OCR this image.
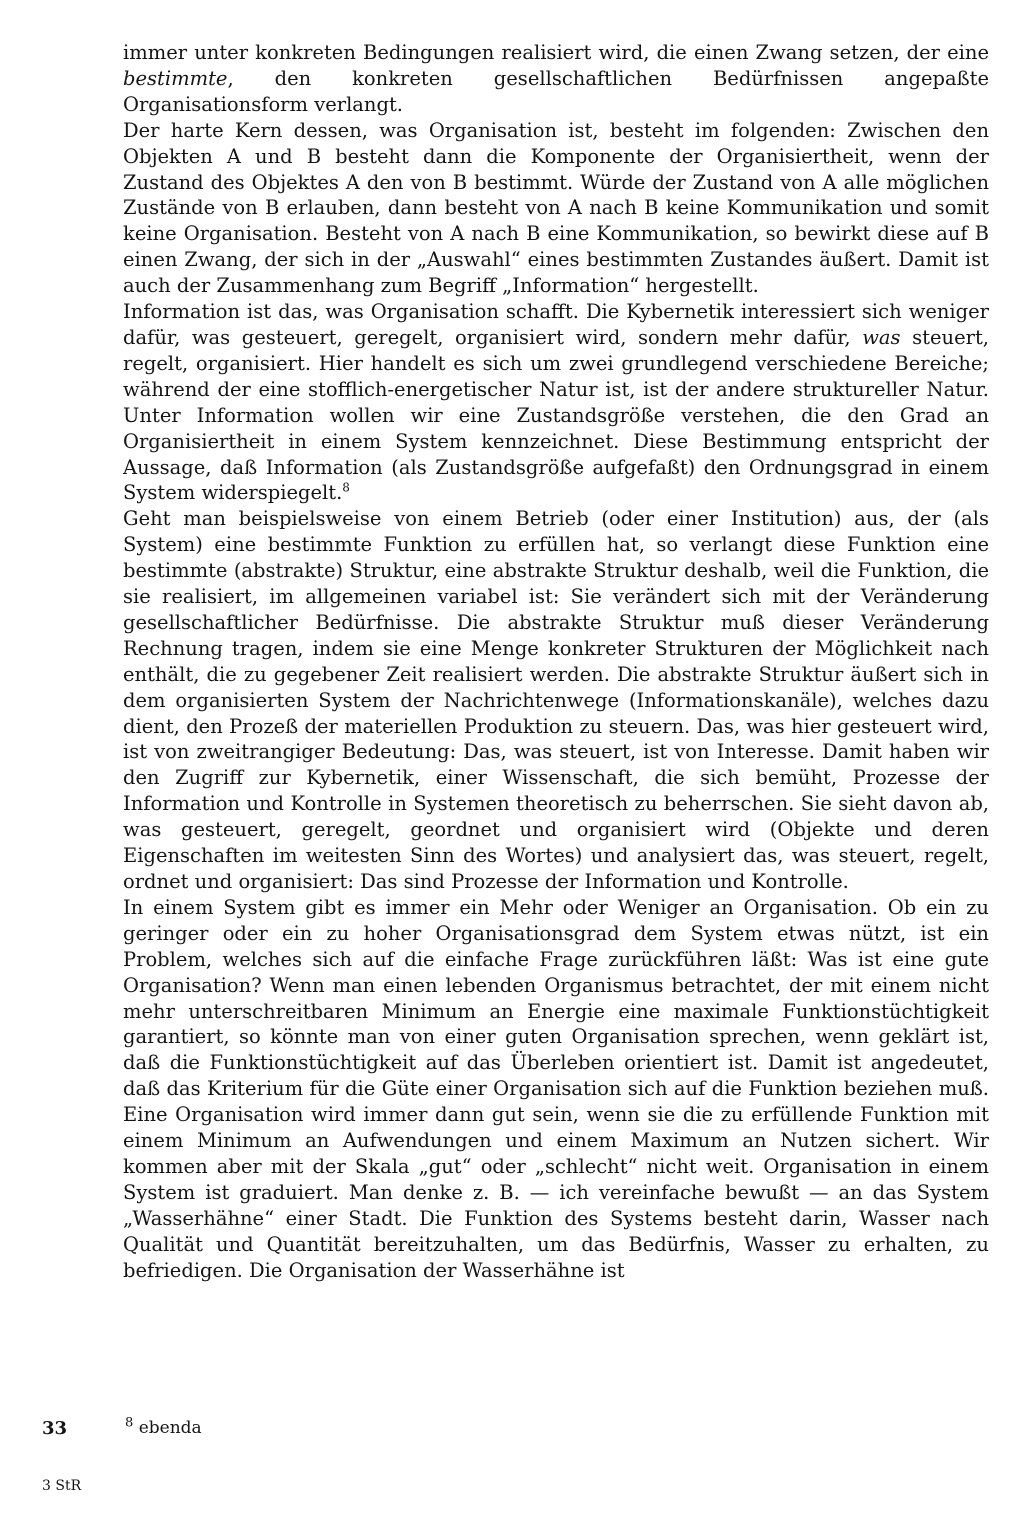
immer unter konkreten Bedingungen realisiert wird, die einen Zwang setzen, der eine bestimmte, den konkreten gesellschaftlichen Bedürfnissen angepaßte Organisationsform verlangt.

Der harte Kern dessen, was Organisation ist, besteht im folgenden: Zwischen den Objekten A und B besteht dann die Komponente der Organisiertheit, wenn der Zustand des Objektes A den von B bestimmt. Würde der Zustand von A alle möglichen Zustände von B erlauben, dann besteht von A nach B keine Kommunikation und somit keine Organisation. Besteht von A nach B eine Kommunikation, so bewirkt diese auf B einen Zwang, der sich in der „Auswahl“ eines bestimmten Zustandes äußert. Damit ist auch der Zusammenhang zum Begriff „Information“ hergestellt.

Information ist das, was Organisation schafft. Die Kybernetik interessiert sich weniger dafür, was gesteuert, geregelt, organisiert wird, sondern mehr dafür, was steuert, regelt, organisiert. Hier handelt es sich um zwei grundlegend verschiedene Bereiche; während der eine stofflich-energetischer Natur ist, ist der andere struktureller Natur. Unter Information wollen wir eine Zustandsgröße verstehen, die den Grad an Organisiertheit in einem System kennzeichnet. Diese Bestimmung entspricht der Aussage, daß Information (als Zustandsgröße aufgefaßt) den Ordnungsgrad in einem System widerspiegelt.$^8$

Geht man beispielsweise von einem Betrieb (oder einer Institution) aus, der (als System) eine bestimmte Funktion zu erfüllen hat, so verlangt diese Funktion eine bestimmte (abstrakte) Struktur, eine abstrakte Struktur deshalb, weil die Funktion, die sie realisiert, im allgemeinen variabel ist: Sie verändert sich mit der Veränderung gesellschaftlicher Bedürfnisse. Die abstrakte Struktur muß dieser Veränderung Rechnung tragen, indem sie eine Menge konkreter Strukturen der Möglichkeit nach enthält, die zu gegebener Zeit realisiert werden. Die abstrakte Struktur äußert sich in dem organisierten System der Nachrichtenwege (Informationskanäle), welches dazu dient, den Prozeß der materiellen Produktion zu steuern. Das, was hier gesteuert wird, ist von zweitrangiger Bedeutung: Das, was steuert, ist von Interesse. Damit haben wir den Zugriff zur Kybernetik, einer Wissenschaft, die sich bemüht, Prozesse der Information und Kontrolle in Systemen theoretisch zu beherrschen. Sie sieht davon ab, was gesteuert, geregelt, geordnet und organisiert wird (Objekte und deren Eigenschaften im weitesten Sinn des Wortes) und analysiert das, was steuert, regelt, ordnet und organisiert: Das sind Prozesse der Information und Kontrolle.

In einem System gibt es immer ein Mehr oder Weniger an Organisation. Ob ein zu geringer oder ein zu hoher Organisationsgrad dem System etwas nützt, ist ein Problem, welches sich auf die einfache Frage zurückführen läßt: Was ist eine gute Organisation? Wenn man einen lebenden Organismus betrachtet, der mit einem nicht mehr unterschreitbaren Minimum an Energie eine maximale Funktionstüchtigkeit garantiert, so könnte man von einer guten Organisation sprechen, wenn geklärt ist, daß die Funktionstüchtigkeit auf das Überleben orientiert ist. Damit ist angedeutet, daß das Kriterium für die Güte einer Organisation sich auf die Funktion beziehen muß. Eine Organisation wird immer dann gut sein, wenn sie die zu erfüllende Funktion mit einem Minimum an Aufwendungen und einem Maximum an Nutzen sichert. Wir kommen aber mit der Skala „gut“ oder „schlecht“ nicht weit. Organisation in einem System ist graduiert. Man denke z. B. — ich vereinfache bewußt — an das System „Wasserhähne“ einer Stadt. Die Funktion des Systems besteht darin, Wasser nach Qualität und Quantität bereitzuhalten, um das Bedürfnis, Wasser zu erhalten, zu befriedigen. Die Organisation der Wasserhähne ist

33	$^8$ ebenda
3 StR
